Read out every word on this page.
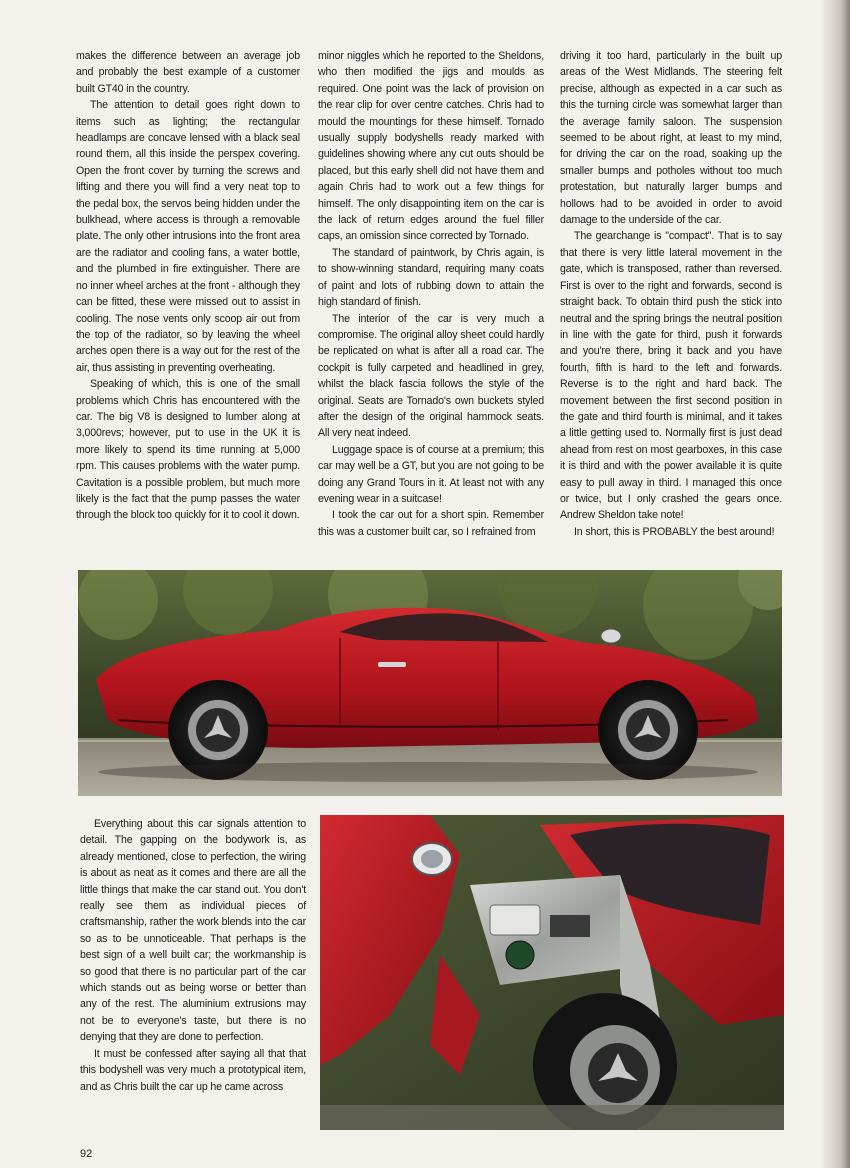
makes the difference between an average job and probably the best example of a customer built GT40 in the country.

The attention to detail goes right down to items such as lighting; the rectangular headlamps are concave lensed with a black seal round them, all this inside the perspex covering. Open the front cover by turning the screws and lifting and there you will find a very neat top to the pedal box, the servos being hidden under the bulkhead, where access is through a removable plate. The only other intrusions into the front area are the radiator and cooling fans, a water bottle, and the plumbed in fire extinguisher. There are no inner wheel arches at the front - although they can be fitted, these were missed out to assist in cooling. The nose vents only scoop air out from the top of the radiator, so by leaving the wheel arches open there is a way out for the rest of the air, thus assisting in preventing overheating.

Speaking of which, this is one of the small problems which Chris has encountered with the car. The big V8 is designed to lumber along at 3,000revs; however, put to use in the UK it is more likely to spend its time running at 5,000 rpm. This causes problems with the water pump. Cavitation is a possible problem, but much more likely is the fact that the pump passes the water through the block too quickly for it to cool it down.

minor niggles which he reported to the Sheldons, who then modified the jigs and moulds as required. One point was the lack of provision on the rear clip for over centre catches. Chris had to mould the mountings for these himself. Tornado usually supply bodyshells ready marked with guidelines showing where any cut outs should be placed, but this early shell did not have them and again Chris had to work out a few things for himself. The only disappointing item on the car is the lack of return edges around the fuel filler caps, an omission since corrected by Tornado.

The standard of paintwork, by Chris again, is to show-winning standard, requiring many coats of paint and lots of rubbing down to attain the high standard of finish.

The interior of the car is very much a compromise. The original alloy sheet could hardly be replicated on what is after all a road car. The cockpit is fully carpeted and headlined in grey, whilst the black fascia follows the style of the original. Seats are Tornado's own buckets styled after the design of the original hammock seats. All very neat indeed.

Luggage space is of course at a premium; this car may well be a GT, but you are not going to be doing any Grand Tours in it. At least not with any evening wear in a suitcase!

I took the car out for a short spin. Remember this was a customer built car, so I refrained from

driving it too hard, particularly in the built up areas of the West Midlands. The steering felt precise, although as expected in a car such as this the turning circle was somewhat larger than the average family saloon. The suspension seemed to be about right, at least to my mind, for driving the car on the road, soaking up the smaller bumps and potholes without too much protestation, but naturally larger bumps and hollows had to be avoided in order to avoid damage to the underside of the car.

The gearchange is "compact". That is to say that there is very little lateral movement in the gate, which is transposed, rather than reversed. First is over to the right and forwards, second is straight back. To obtain third push the stick into neutral and the spring brings the neutral position in line with the gate for third, push it forwards and you're there, bring it back and you have fourth, fifth is hard to the left and forwards. Reverse is to the right and hard back. The movement between the first second position in the gate and third fourth is minimal, and it takes a little getting used to. Normally first is just dead ahead from rest on most gearboxes, in this case it is third and with the power available it is quite easy to pull away in third. I managed this once or twice, but I only crashed the gears once. Andrew Sheldon take note!

In short, this is PROBABLY the best around!

Everything about this car signals attention to detail. The gapping on the bodywork is, as already mentioned, close to perfection, the wiring is about as neat as it comes and there are all the little things that make the car stand out. You don't really see them as individual pieces of craftsmanship, rather the work blends into the car so as to be unnoticeable. That perhaps is the best sign of a well built car; the workmanship is so good that there is no particular part of the car which stands out as being worse or better than any of the rest. The aluminium extrusions may not be to everyone's taste, but there is no denying that they are done to perfection.

It must be confessed after saying all that that this bodyshell was very much a prototypical item, and as Chris built the car up he came across

92
